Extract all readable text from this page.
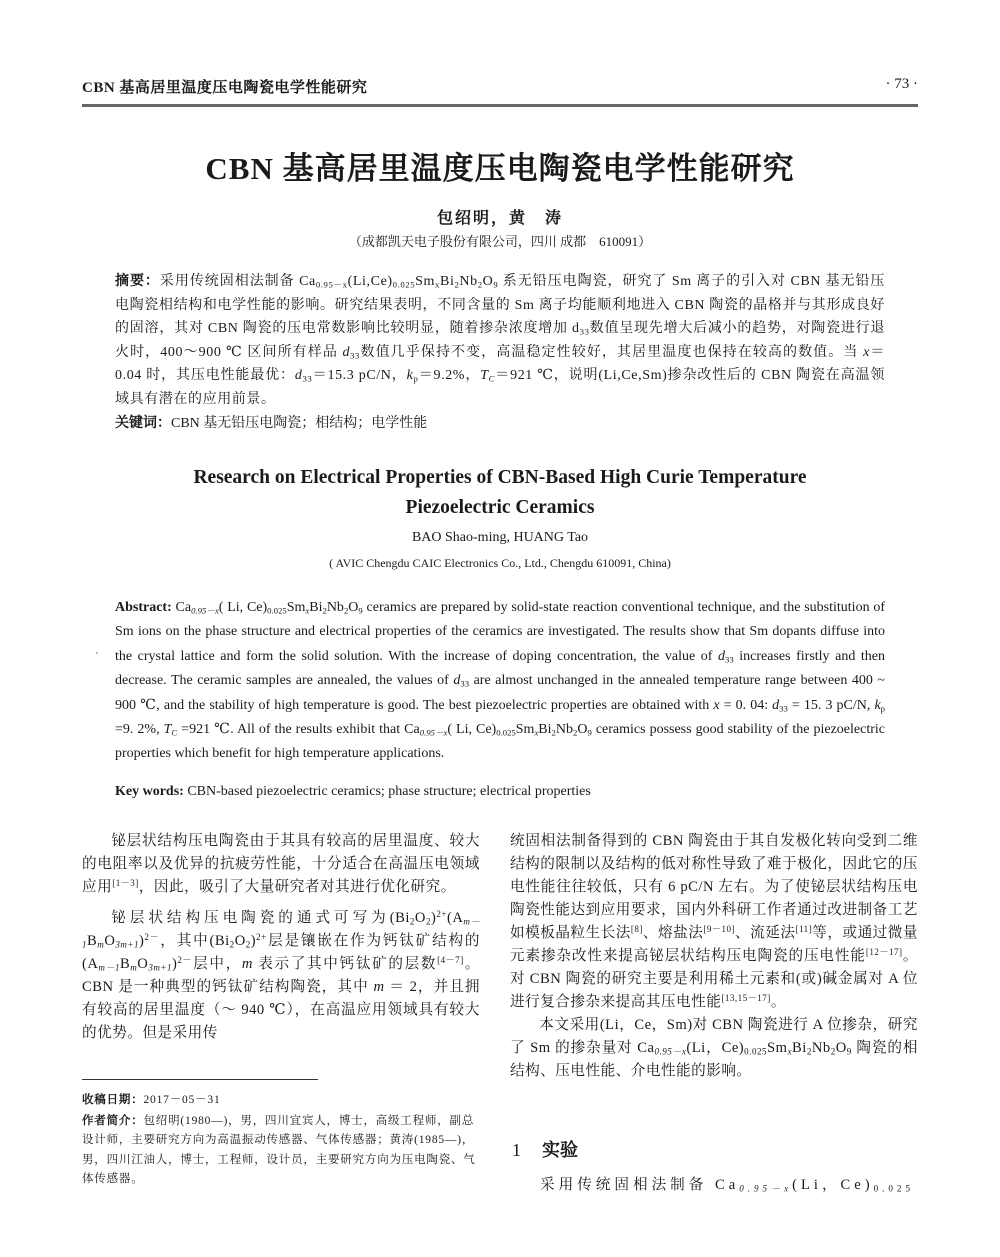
CBN 基高居里温度压电陶瓷电学性能研究	· 73 ·
CBN 基高居里温度压电陶瓷电学性能研究
包绍明，黄　涛
（成都凯天电子股份有限公司，四川 成都　610091）
摘要：采用传统固相法制备 $Ca_{0.95-x}(Li,Ce)_{0.025}Sm_xBi_2Nb_2O_9$ 系无铅压电陶瓷，研究了 Sm 离子的引入对 CBN 基无铅压电陶瓷相结构和电学性能的影响。研究结果表明，不同含量的 Sm 离子均能顺利地进入 CBN 陶瓷的晶格并与其形成良好的固溶，其对 CBN 陶瓷的压电常数影响比较明显，随着掺杂浓度增加 $d_{33}$数值呈现先增大后减小的趋势，对陶瓷进行退火时，400～900 ℃ 区间所有样品 $d_{33}$数值几乎保持不变，高温稳定性较好，其居里温度也保持在较高的数值。当 x＝0.04 时，其压电性能最优：$d_{33}=15.3$ pC/N，$k_p=9.2\%$，$T_C=921$ ℃，说明(Li,Ce,Sm)掺杂改性后的 CBN 陶瓷在高温领域具有潜在的应用前景。
关键词：CBN 基无铅压电陶瓷；相结构；电学性能
Research on Electrical Properties of CBN-Based High Curie Temperature
Piezoelectric Ceramics
BAO Shao-ming, HUANG Tao
( AVIC Chengdu CAIC Electronics Co., Ltd., Chengdu 610091, China)
'
Abstract: $Ca_{0.95-x}$( Li, $Ce)_{0.025}Sm_xBi_2Nb_2O_9$ ceramics are prepared by solid-state reaction conventional technique, and the substitution of Sm ions on the phase structure and electrical properties of the ceramics are investigated. The results show that Sm dopants diffuse into the crystal lattice and form the solid solution. With the increase of doping concentration, the value of $d_{33}$ increases firstly and then decrease. The ceramic samples are annealed, the values of $d_{33}$ are almost unchanged in the annealed temperature range between 400 ~ 900 ℃, and the stability of high temperature is good. The best piezoelectric properties are obtained with x = 0. 04: $d_{33} = 15$. 3 pC/N, $k_p =9$. 2%, $T_C =921$ ℃. All of the results exhibit that $Ca_{0.95-x}$( Li, $Ce)_{0.025}Sm_xBi_2Nb_2O_9$ ceramics possess good stability of the piezoelectric properties which benefit for high temperature applications.
Key words: CBN-based piezoelectric ceramics; phase structure; electrical properties

铋层状结构压电陶瓷由于其具有较高的居里温度、较大的电阻率以及优异的抗疲劳性能，十分适合在高温压电领域应用[1－3]，因此，吸引了大量研究者对其进行优化研究。

铋层状结构压电陶瓷的通式可写为$(Bi_2O_2)^{2+}(A_{m-1}B_mO_{3m+1})^{2-}$，其中$(Bi_2O_2)^{2+}$层是镶嵌在作为钙钛矿结构的$(A_{m-1}B_mO_{3m+1})^{2-}$层中，m 表示了其中钙钛矿的层数[4－7]。CBN 是一种典型的钙钛矿结构陶瓷，其中 m ＝ 2，并且拥有较高的居里温度（～ 940 ℃），在高温应用领域具有较大的优势。但是采用传

收稿日期：2017－05－31
作者简介：包绍明(1980—)，男，四川宜宾人，博士，高级工程师，副总设计师，主要研究方向为高温振动传感器、气体传感器；黄涛(1985—)，男，四川江油人，博士，工程师，设计员，主要研究方向为压电陶瓷、气体传感器。

统固相法制备得到的 CBN 陶瓷由于其自发极化转向受到二维结构的限制以及结构的低对称性导致了难于极化，因此它的压电性能往往较低，只有 6 pC/N 左右。为了使铋层状结构压电陶瓷性能达到应用要求，国内外科研工作者通过改进制备工艺如模板晶粒生长法[8]、熔盐法[9－10]、流延法[11]等，或通过微量元素掺杂改性来提高铋层状结构压电陶瓷的压电性能[12－17]。对 CBN 陶瓷的研究主要是利用稀土元素和(或)碱金属对 A 位进行复合掺杂来提高其压电性能[13,15－17]。

本文采用(Li，Ce，Sm)对 CBN 陶瓷进行 A 位掺杂，研究了 Sm 的掺杂量对 $Ca_{0.95-x}(Li$，$Ce)_{0.025}Sm_xBi_2Nb_2O_9$ 陶瓷的相结构、压电性能、介电性能的影响。

1 实验
采用传统固相法制备 $Ca_{0.95-x}(Li$，$Ce)_{0.025}$
